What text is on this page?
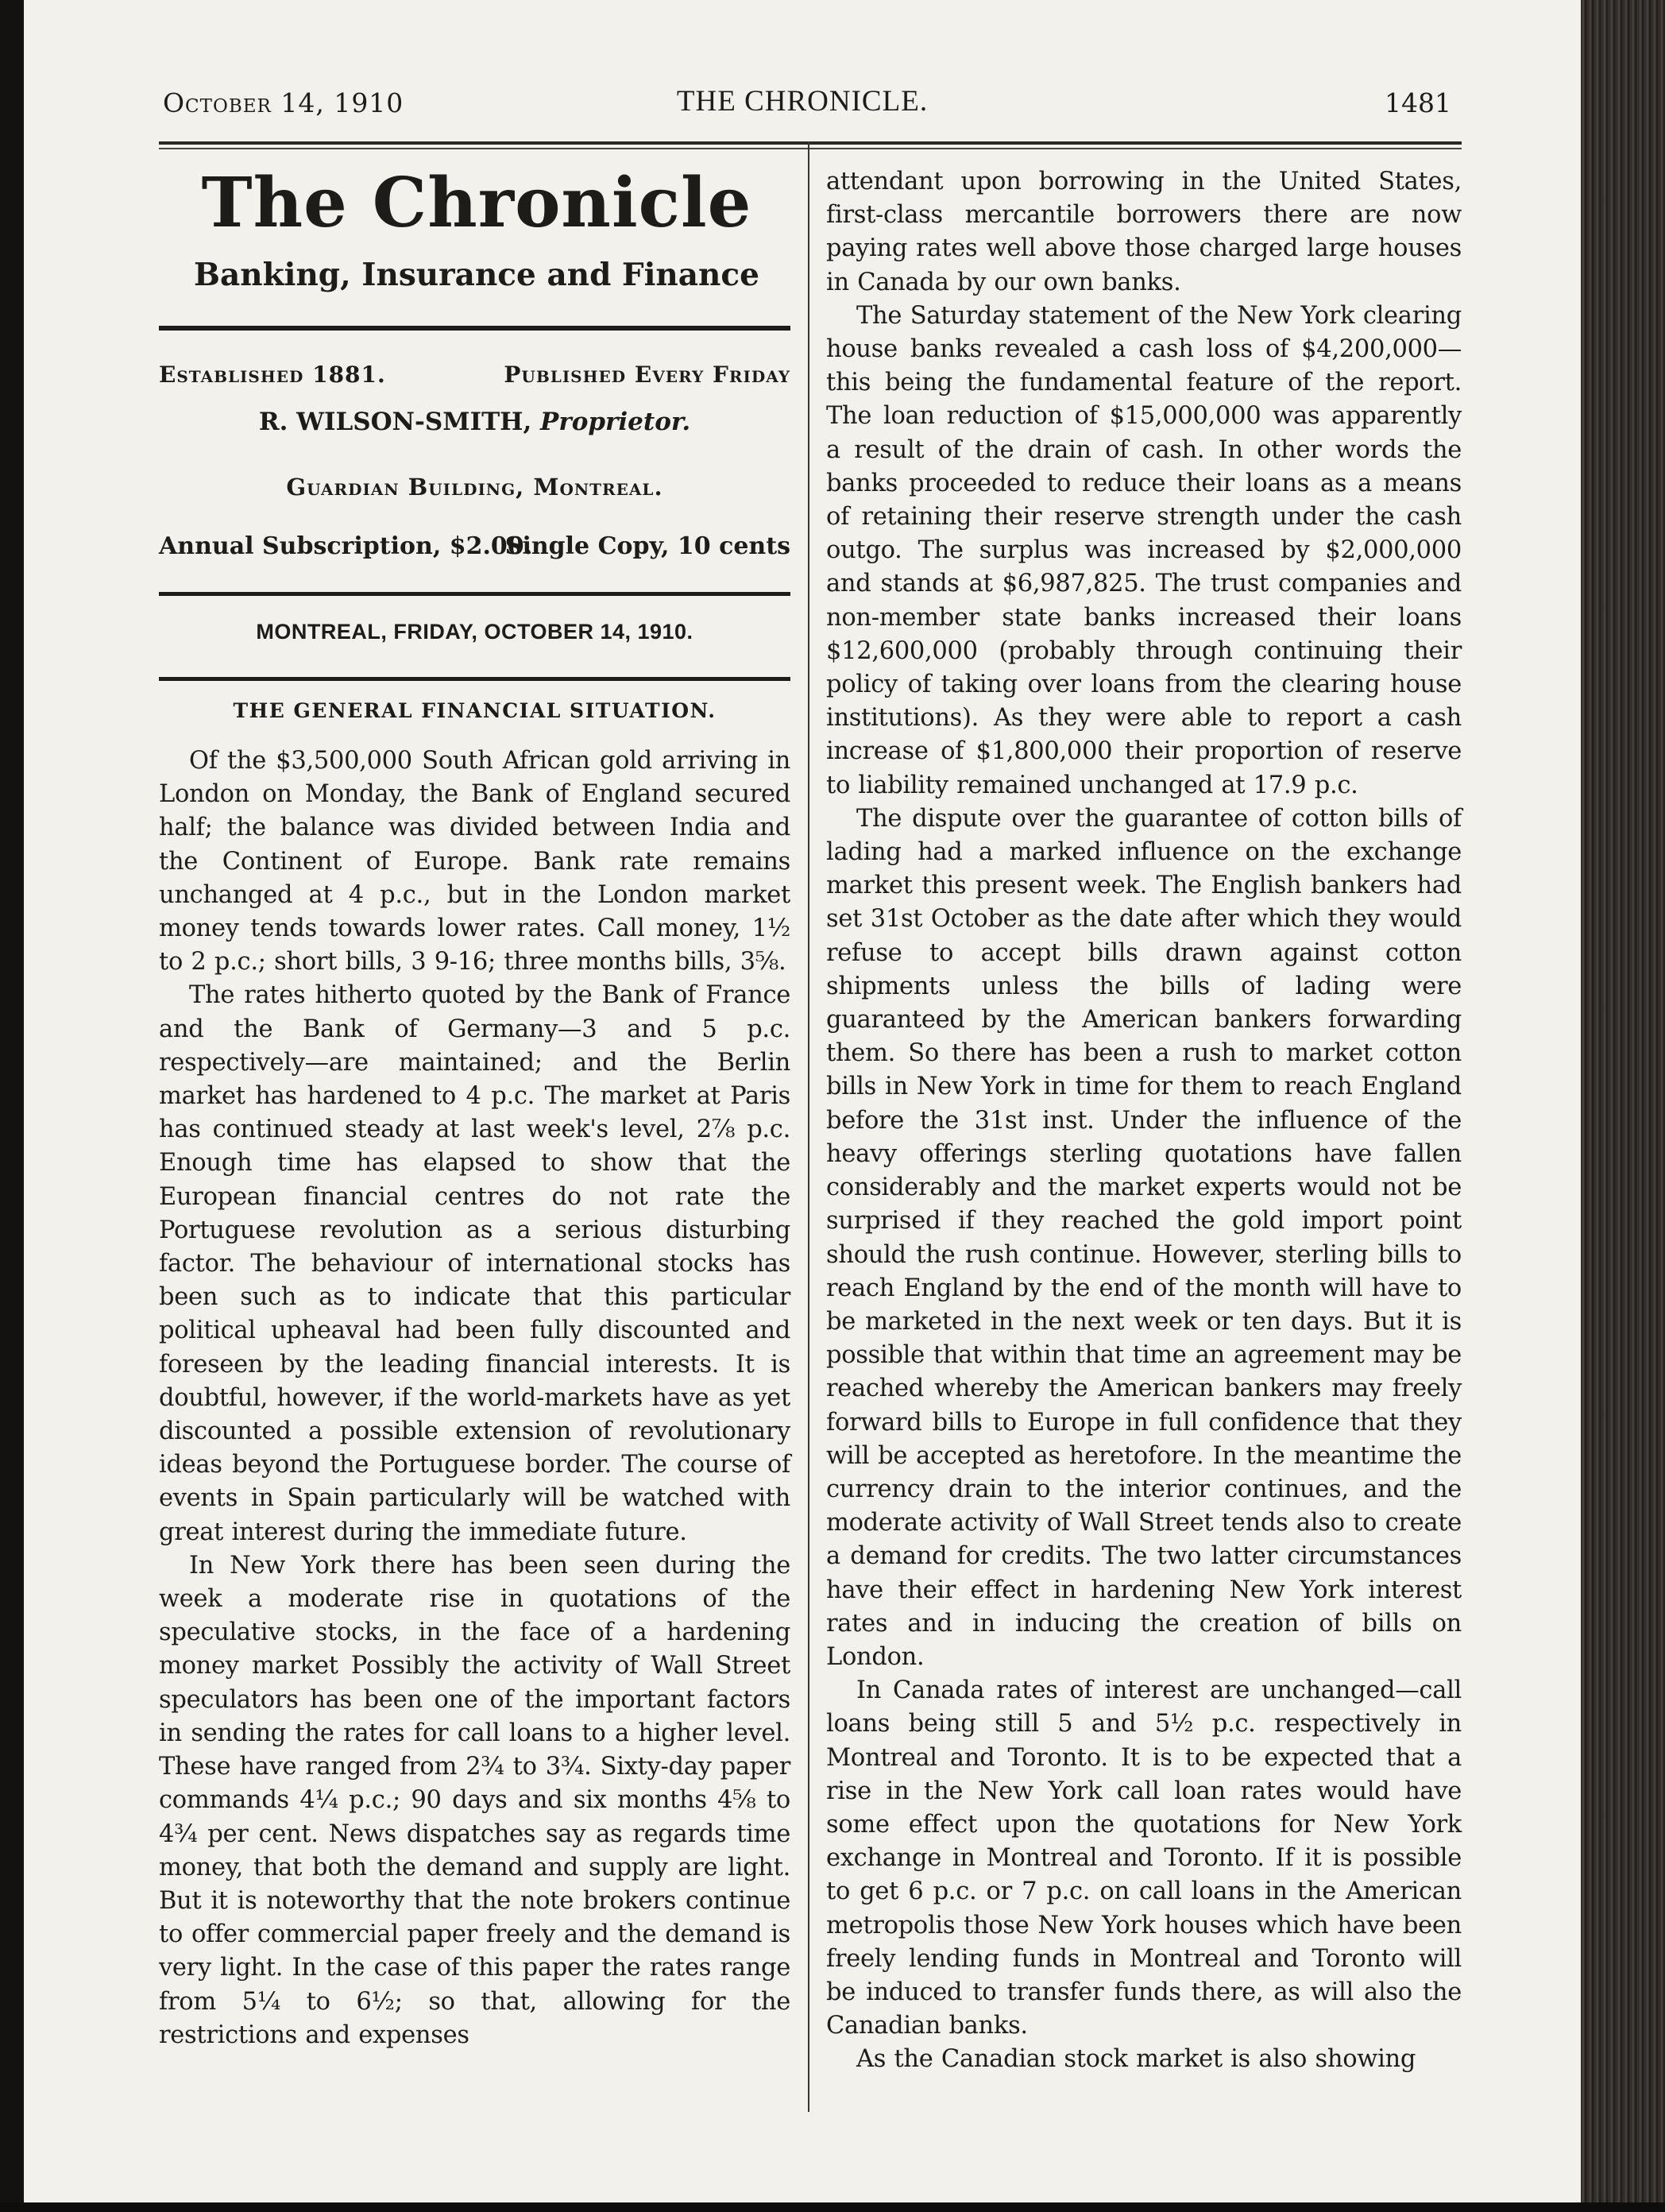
October 14, 1910	THE CHRONICLE.	1481
The Chronicle
Banking, Insurance and Finance
Established 1881.	Published Every Friday
R. WILSON-SMITH, Proprietor.
Guardian Building, Montreal.
Annual Subscription, $2.00.
Single Copy, 10 cents
MONTREAL, FRIDAY, OCTOBER 14, 1910.
THE GENERAL FINANCIAL SITUATION.

Of the $3,500,000 South African gold arriving in London on Monday, the Bank of England secured half; the balance was divided between India and the Continent of Europe. Bank rate remains unchanged at 4 p.c., but in the London market money tends towards lower rates. Call money, 1½ to 2 p.c.; short bills, 3 9-16; three months bills, 3⅝.

The rates hitherto quoted by the Bank of France and the Bank of Germany—3 and 5 p.c. respectively—are maintained; and the Berlin market has hardened to 4 p.c. The market at Paris has continued steady at last week's level, 2⅞ p.c. Enough time has elapsed to show that the European financial centres do not rate the Portuguese revolution as a serious disturbing factor. The behaviour of international stocks has been such as to indicate that this particular political upheaval had been fully discounted and foreseen by the leading financial interests. It is doubtful, however, if the world-markets have as yet discounted a possible extension of revolutionary ideas beyond the Portuguese border. The course of events in Spain particularly will be watched with great interest during the immediate future.

In New York there has been seen during the week a moderate rise in quotations of the speculative stocks, in the face of a hardening money market Possibly the activity of Wall Street speculators has been one of the important factors in sending the rates for call loans to a higher level. These have ranged from 2¾ to 3¾. Sixty-day paper commands 4¼ p.c.; 90 days and six months 4⅝ to 4¾ per cent. News dispatches say as regards time money, that both the demand and supply are light. But it is noteworthy that the note brokers continue to offer commercial paper freely and the demand is very light. In the case of this paper the rates range from 5¼ to 6½; so that, allowing for the restrictions and expenses

attendant upon borrowing in the United States, first-class mercantile borrowers there are now paying rates well above those charged large houses in Canada by our own banks.

The Saturday statement of the New York clearing house banks revealed a cash loss of $4,200,000—this being the fundamental feature of the report. The loan reduction of $15,000,000 was apparently a result of the drain of cash. In other words the banks proceeded to reduce their loans as a means of retaining their reserve strength under the cash outgo. The surplus was increased by $2,000,000 and stands at $6,987,825. The trust companies and non-member state banks increased their loans $12,600,000 (probably through continuing their policy of taking over loans from the clearing house institutions). As they were able to report a cash increase of $1,800,000 their proportion of reserve to liability remained unchanged at 17.9 p.c.

The dispute over the guarantee of cotton bills of lading had a marked influence on the exchange market this present week. The English bankers had set 31st October as the date after which they would refuse to accept bills drawn against cotton shipments unless the bills of lading were guaranteed by the American bankers forwarding them. So there has been a rush to market cotton bills in New York in time for them to reach England before the 31st inst. Under the influence of the heavy offerings sterling quotations have fallen considerably and the market experts would not be surprised if they reached the gold import point should the rush continue. However, sterling bills to reach England by the end of the month will have to be marketed in the next week or ten days. But it is possible that within that time an agreement may be reached whereby the American bankers may freely forward bills to Europe in full confidence that they will be accepted as heretofore. In the meantime the currency drain to the interior continues, and the moderate activity of Wall Street tends also to create a demand for credits. The two latter circumstances have their effect in hardening New York interest rates and in inducing the creation of bills on London.

In Canada rates of interest are unchanged—call loans being still 5 and 5½ p.c. respectively in Montreal and Toronto. It is to be expected that a rise in the New York call loan rates would have some effect upon the quotations for New York exchange in Montreal and Toronto. If it is possible to get 6 p.c. or 7 p.c. on call loans in the American metropolis those New York houses which have been freely lending funds in Montreal and Toronto will be induced to transfer funds there, as will also the Canadian banks.

As the Canadian stock market is also showing
